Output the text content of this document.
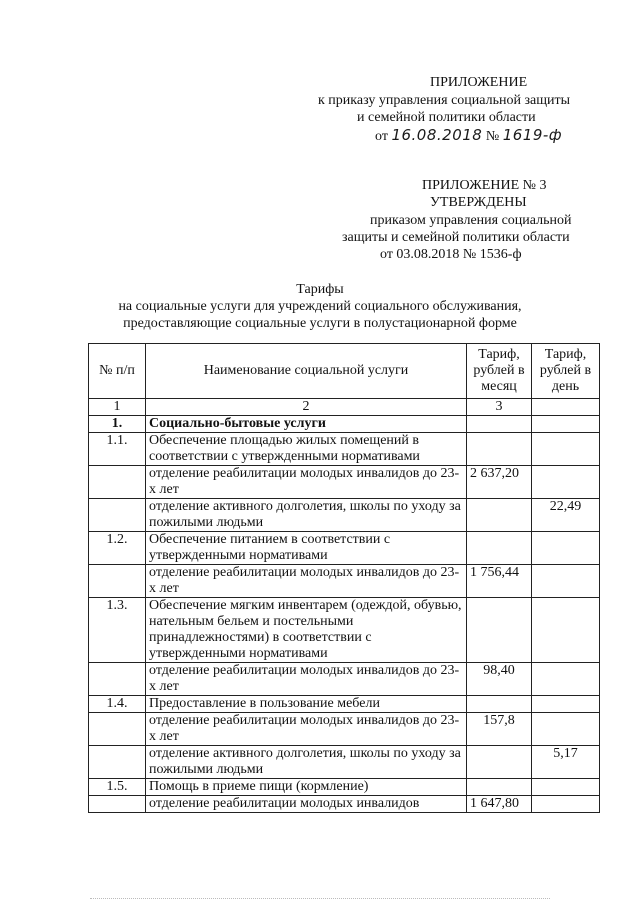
ПРИЛОЖЕНИЕ
к приказу управления социальной защиты
и семейной политики области
от 16.08.2018 № 1619-ф
ПРИЛОЖЕНИЕ № 3
УТВЕРЖДЕНЫ
приказом управления социальной
защиты и семейной политики области
от 03.08.2018 № 1536-ф
Тарифы
на социальные услуги для учреждений социального обслуживания,
предоставляющие социальные услуги в полустационарной форме
№ п/п	Наименование социальной услуги	Тариф, рублей в месяц	Тариф, рублей в день
1	2	3	
1.	Социально-бытовые услуги		
1.1.	Обеспечение площадью жилых помещений в соответствии с утвержденными нормативами		
	отделение реабилитации молодых инвалидов до 23-х лет	2 637,20	
	отделение активного долголетия, школы по уходу за пожилыми людьми		22,49
1.2.	Обеспечение питанием в соответствии с утвержденными нормативами		
	отделение реабилитации молодых инвалидов до 23-х лет	1 756,44	
1.3.	Обеспечение мягким инвентарем (одеждой, обувью, нательным бельем и постельными принадлежностями) в соответствии с утвержденными нормативами		
	отделение реабилитации молодых инвалидов до 23-х лет	98,40	
1.4.	Предоставление в пользование мебели		
	отделение реабилитации молодых инвалидов до 23-х лет	157,8	
	отделение активного долголетия, школы по уходу за пожилыми людьми		5,17
1.5.	Помощь в приеме пищи (кормление)		
	отделение реабилитации молодых инвалидов	1 647,80	
